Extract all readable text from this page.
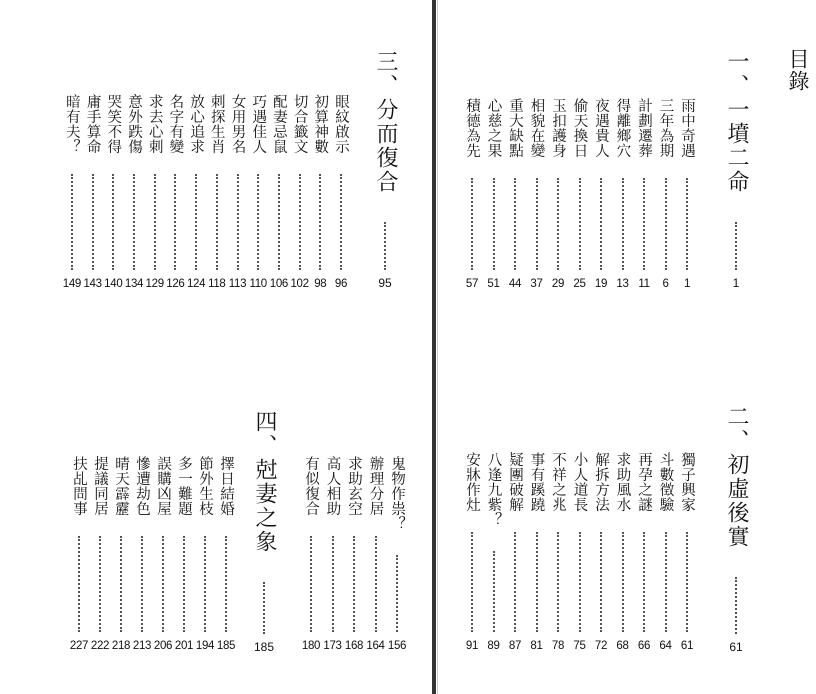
目錄
一、一墳二命
1
雨中奇遇
1
三年為期
6
計劃遷葬
11
得離鄉穴
13
夜遇貴人
19
偷天換日
25
玉扣護身
29
相貌在變
37
重大缺點
44
心慈之果
51
積德為先
57
二、初虛後實
61
獨子興家
61
斗數徵驗
64
再孕之謎
66
求助風水
68
解拆方法
72
小人道長
75
不祥之兆
78
事有蹊蹺
81
疑團破解
87
八逢九紫？
89
安牀作灶
91
三、分而復合
95
眼紋啟示
96
初算神數
98
切合籤文
102
配妻忌鼠
106
巧遇佳人
110
女用男名
113
刺探生肖
118
放心追求
124
名字有變
126
求去心刺
129
意外跌傷
134
哭笑不得
140
庸手算命
143
暗有夫？
149
四、尅妻之象
185
鬼物作祟？
156
辦理分居
164
求助玄空
168
高人相助
173
有似復合
180
擇日結婚
185
節外生枝
194
多一難題
201
誤購凶屋
206
慘遭劫色
213
晴天霹靂
218
提議同居
222
扶乩問事
227
